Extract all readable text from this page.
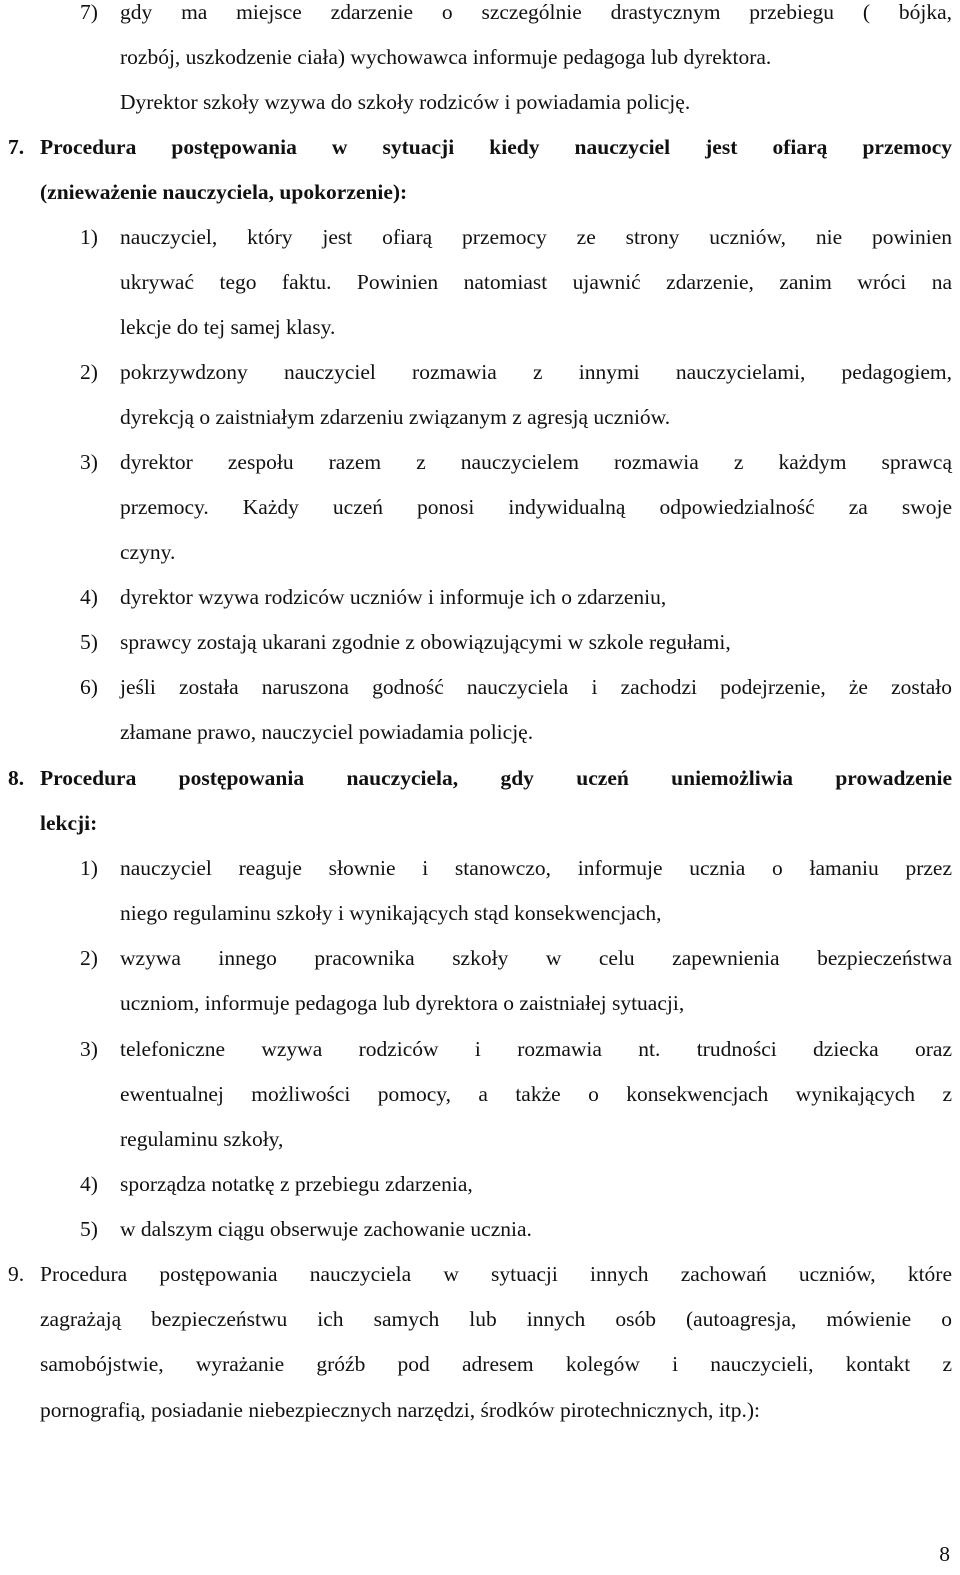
7) gdy ma miejsce zdarzenie o szczególnie drastycznym przebiegu ( bójka,
rozbój, uszkodzenie ciała) wychowawca informuje pedagoga lub dyrektora.
Dyrektor szkoły wzywa do szkoły rodziców i powiadamia policję.
7. Procedura postępowania w sytuacji kiedy nauczyciel jest ofiarą przemocy
(znieważenie nauczyciela, upokorzenie):
1) nauczyciel, który jest ofiarą przemocy ze strony uczniów, nie powinien
ukrywać tego faktu. Powinien natomiast ujawnić zdarzenie, zanim wróci na
lekcje do tej samej klasy.
2) pokrzywdzony nauczyciel rozmawia z innymi nauczycielami, pedagogiem,
dyrekcją o zaistniałym zdarzeniu związanym z agresją uczniów.
3) dyrektor zespołu razem z nauczycielem rozmawia z każdym sprawcą
przemocy. Każdy uczeń ponosi indywidualną odpowiedzialność za swoje
czyny.
4) dyrektor wzywa rodziców uczniów i informuje ich o zdarzeniu,
5) sprawcy zostają ukarani zgodnie z obowiązującymi w szkole regułami,
6) jeśli została naruszona godność nauczyciela i zachodzi podejrzenie, że zostało
złamane prawo, nauczyciel powiadamia policję.
8. Procedura postępowania nauczyciela, gdy uczeń uniemożliwia prowadzenie
lekcji:
1) nauczyciel reaguje słownie i stanowczo, informuje ucznia o łamaniu przez
niego regulaminu szkoły i wynikających stąd konsekwencjach,
2) wzywa innego pracownika szkoły w celu zapewnienia bezpieczeństwa
uczniom, informuje pedagoga lub dyrektora o zaistniałej sytuacji,
3) telefoniczne wzywa rodziców i rozmawia nt. trudności dziecka oraz
ewentualnej możliwości pomocy, a także o konsekwencjach wynikających z
regulaminu szkoły,
4) sporządza notatkę z przebiegu zdarzenia,
5) w dalszym ciągu obserwuje zachowanie ucznia.
9. Procedura postępowania nauczyciela w sytuacji innych zachowań uczniów, które
zagrażają bezpieczeństwu ich samych lub innych osób (autoagresja, mówienie o
samobójstwie, wyrażanie gróźb pod adresem kolegów i nauczycieli, kontakt z
pornografią, posiadanie niebezpiecznych narzędzi, środków pirotechnicznych, itp.):
8
